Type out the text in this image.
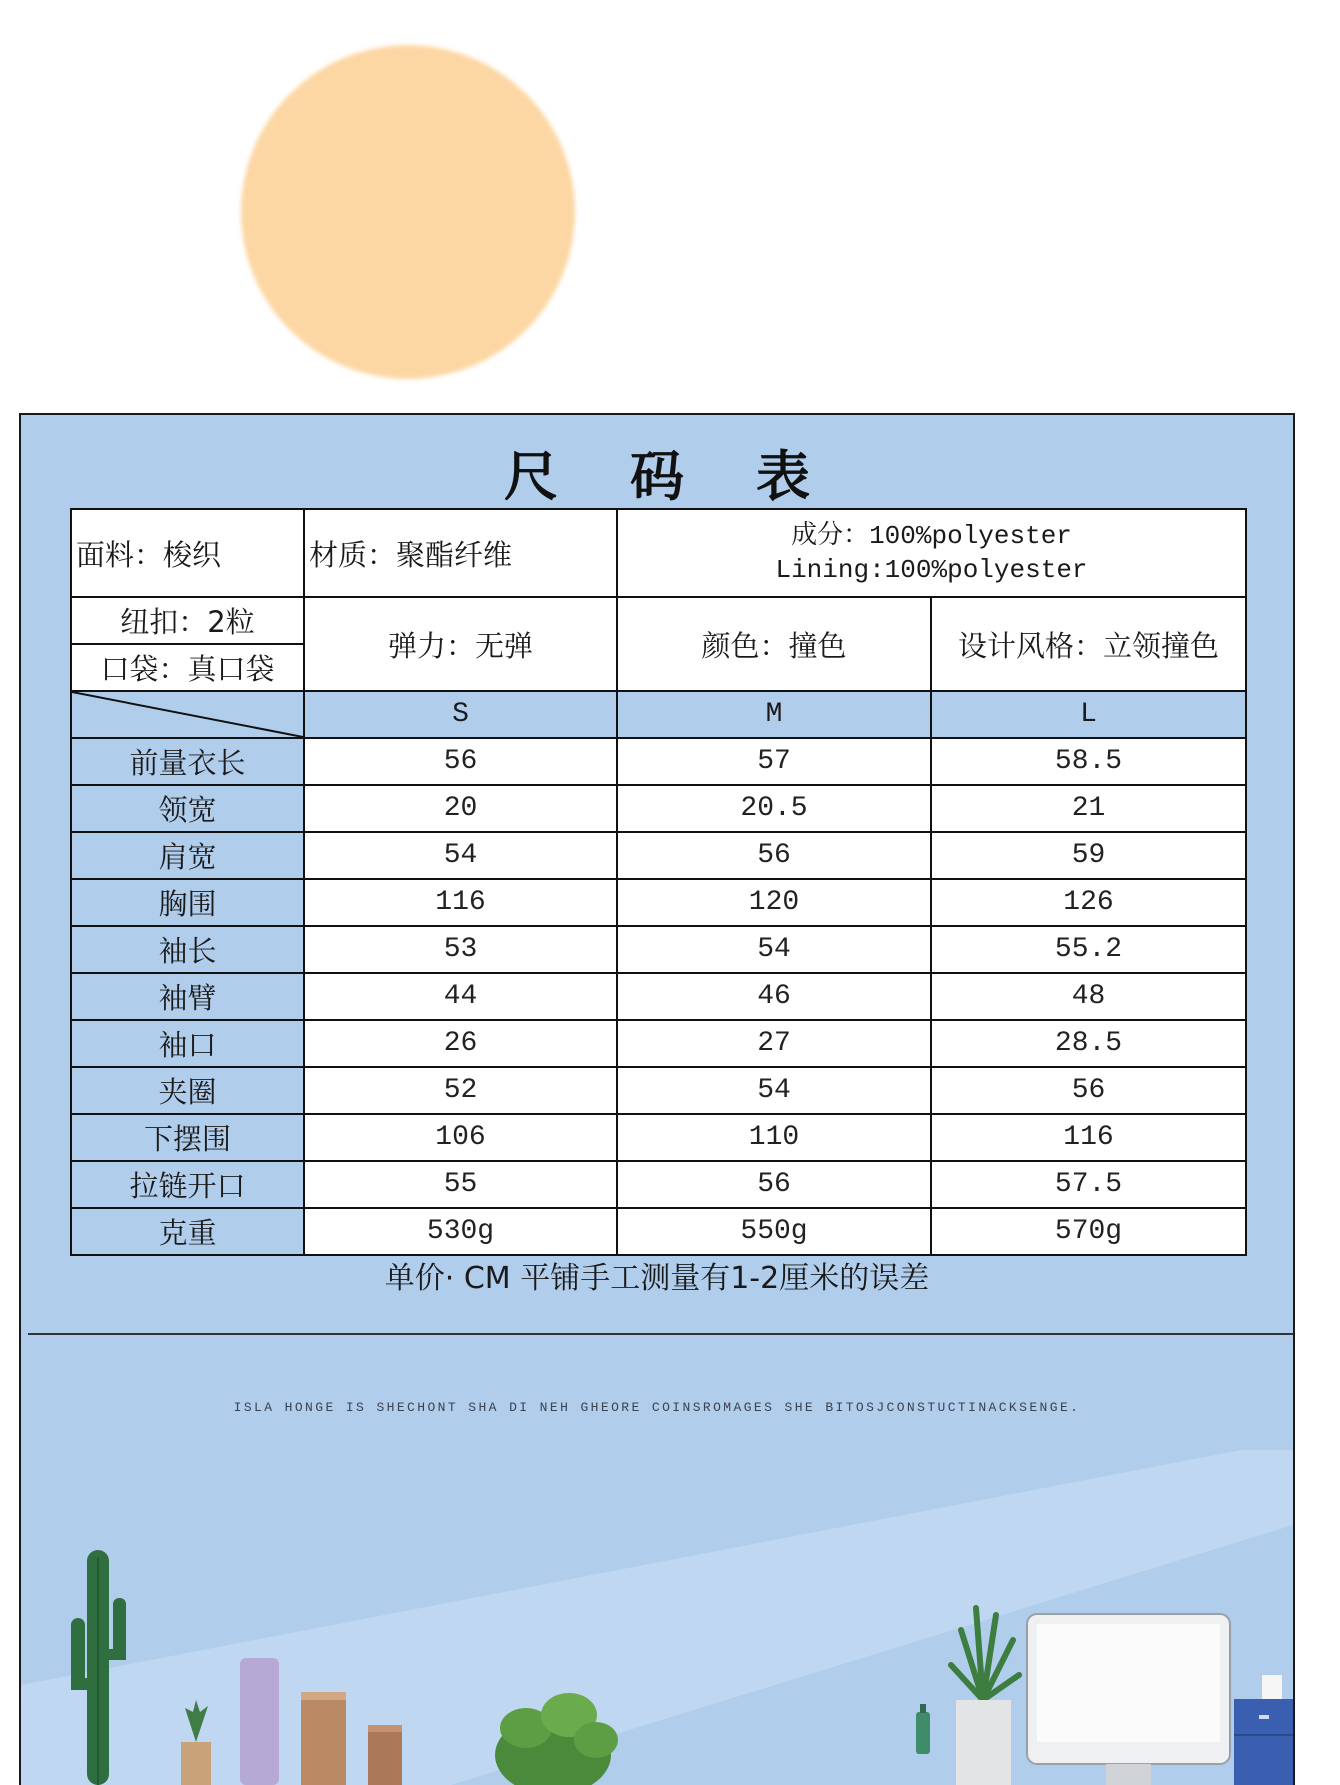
尺码表
面料：梭织	材质：聚酯纤维	成分：100%polyester
Lining:100%polyester	

纽扣：2粒	弹力：无弹	颜色：撞色	设计风格：立领撞色
口袋：真口袋			

	S	M	L
前量衣长	56	57	58.5
领宽	20	20.5	21
肩宽	54	56	59
胸围	116	120	126
袖长	53	54	55.2
袖臂	44	46	48
袖口	26	27	28.5
夹圈	52	54	56
下摆围	106	110	116
拉链开口	55	56	57.5
克重	530g	550g	570g
单价· CM 平铺手工测量有1-2厘米的误差
ISLA HONGE IS SHECHONT SHA DI NEH GHEORE COINSROMAGES SHE BITOSJCONSTUCTINACKSENGE.
